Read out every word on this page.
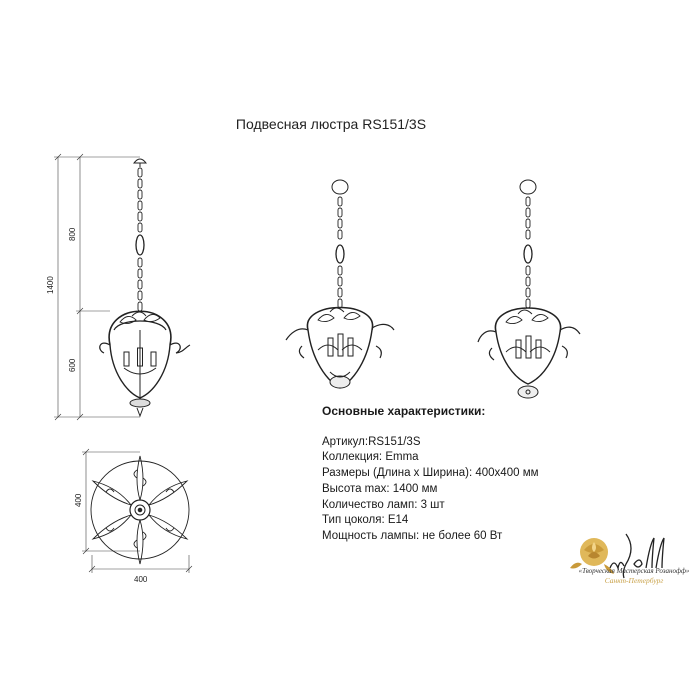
Подвесная люстра RS151/3S
1400
800
600
400
400
Основные характеристики:
Артикул:RS151/3S
Коллекция: Emma
Размеры (Длина х Ширина): 400x400 мм
Высота max: 1400 мм
Количество ламп: 3 шт
Тип цоколя: E14
Мощность лампы: не более 60 Вт
«Творческая Мастерская Розанофф»
Санкт-Петербург
